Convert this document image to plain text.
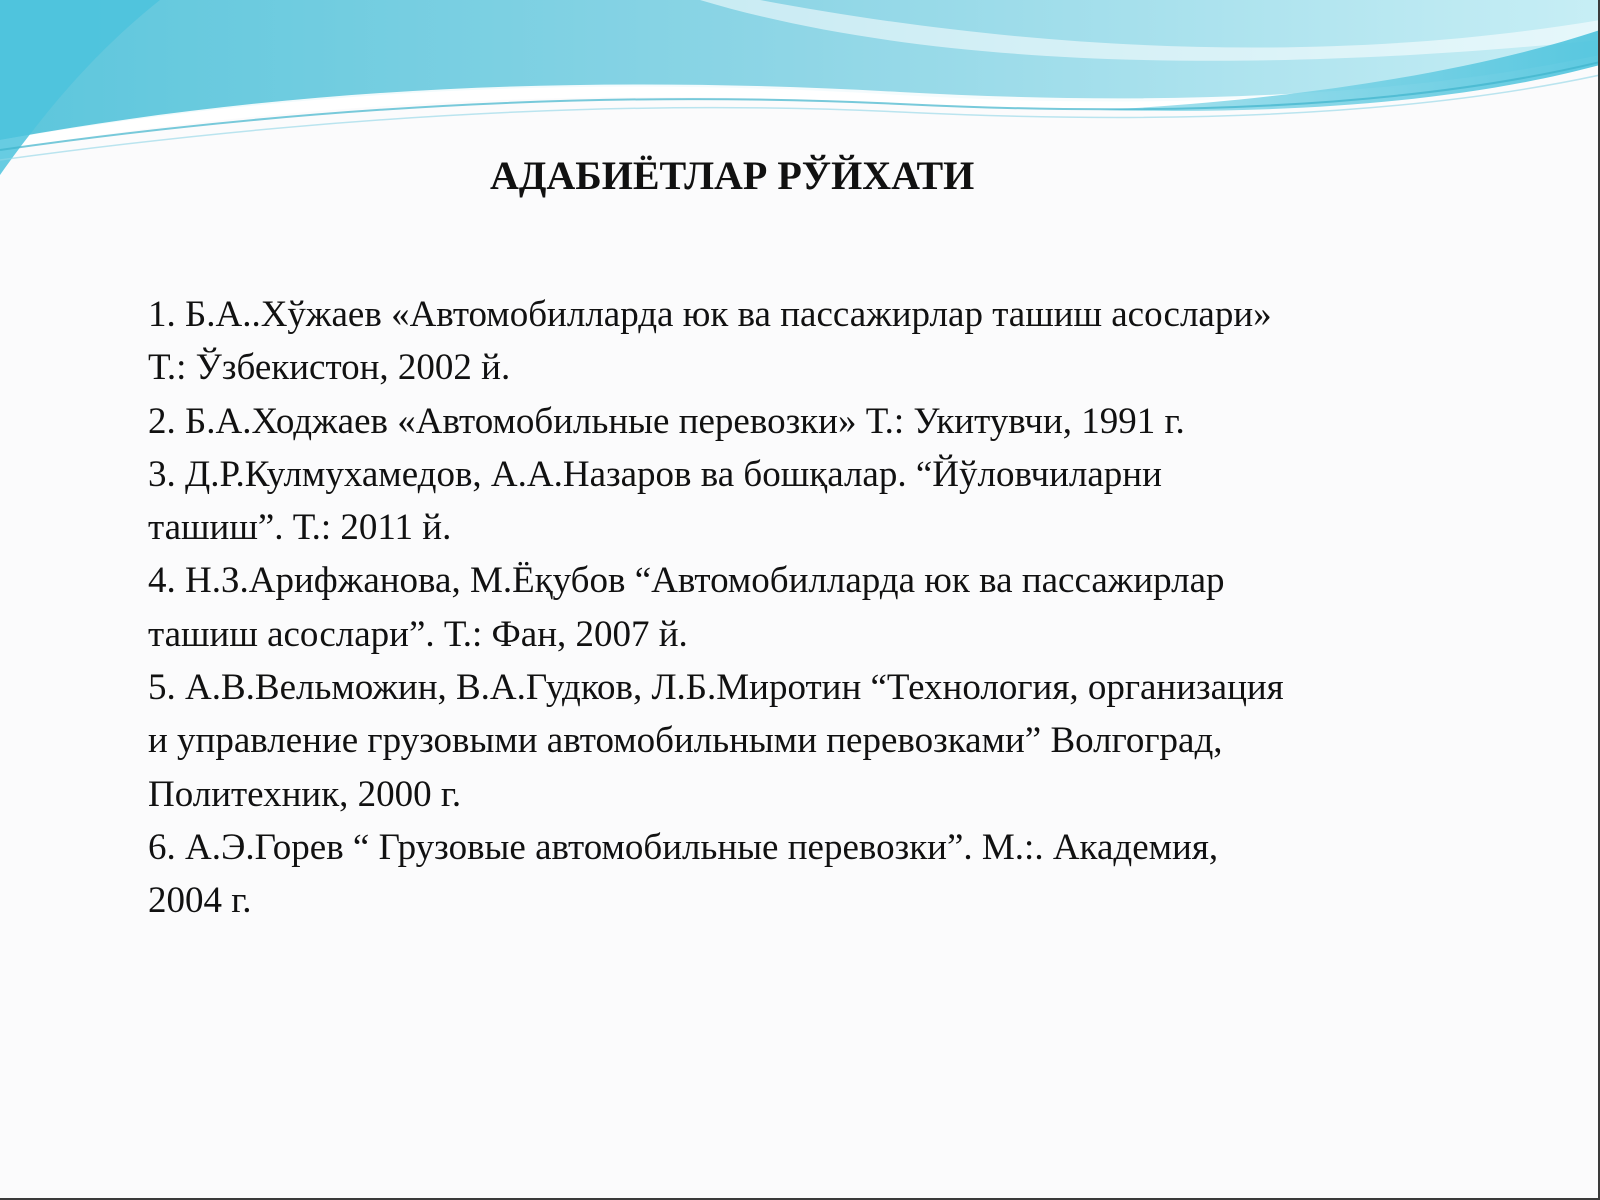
АДАБИЁТЛАР РЎЙХАТИ
1. Б.А..Хўжаев «Автомобилларда юк ва пассажирлар ташиш асослари»
Т.: Ўзбекистон, 2002 й.
2. Б.А.Ходжаев «Автомобильные перевозки» Т.: Укитувчи, 1991 г.
3. Д.Р.Кулмухамедов, А.А.Назаров ва бошқалар. “Йўловчиларни
ташиш”. Т.: 2011 й.
4. Н.З.Арифжанова, М.Ёқубов “Автомобилларда юк ва пассажирлар
ташиш асослари”. Т.: Фан, 2007 й.
5. А.В.Вельможин, В.А.Гудков, Л.Б.Миротин “Технология, организация
и управление грузовыми автомобильными перевозками” Волгоград,
Политехник, 2000 г.
6. А.Э.Горев “ Грузовые автомобильные перевозки”. М.:. Академия,
2004 г.
